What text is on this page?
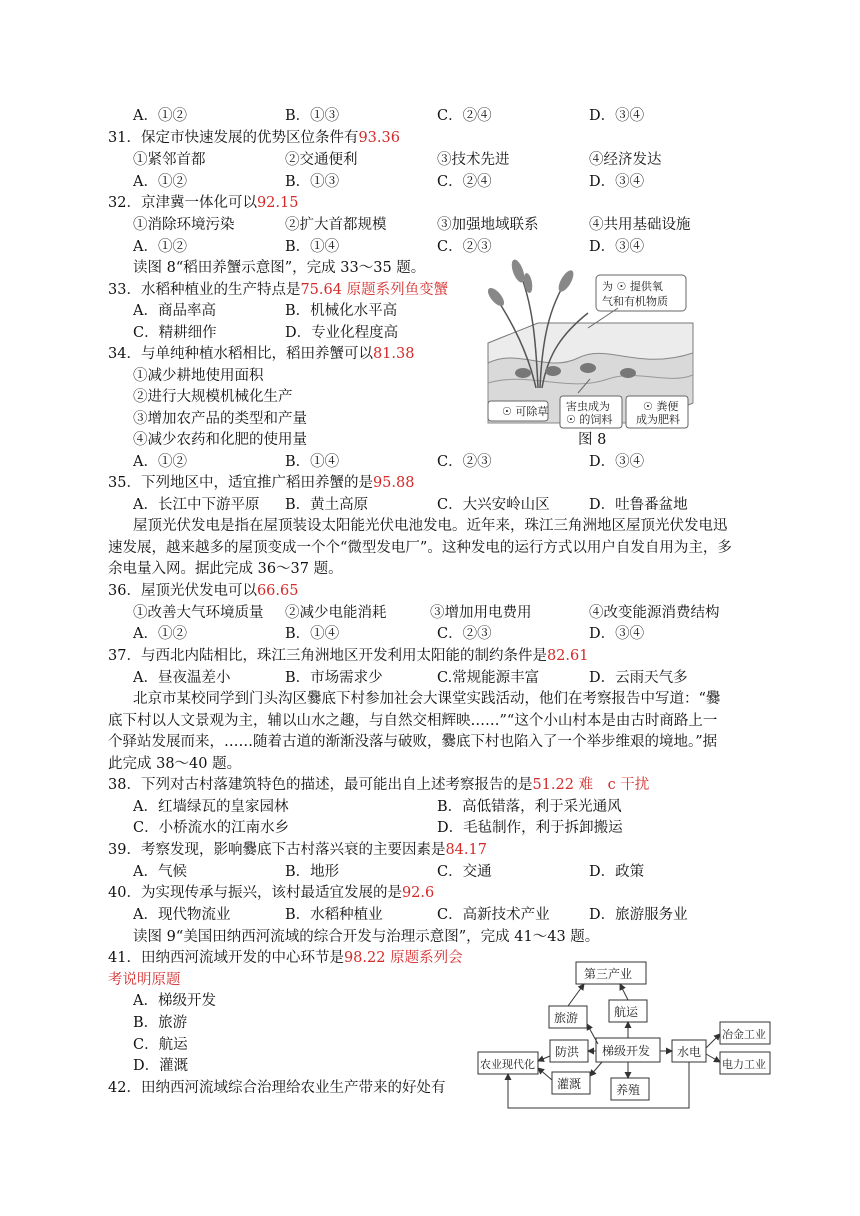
A．①②	B．①③	C．②④	D．③④
31．保定市快速发展的优势区位条件有93.36
①紧邻首都	②交通便利	③技术先进	④经济发达
A．①②	B．①③	C．②④	D．③④
32．京津冀一体化可以92.15
①消除环境污染	②扩大首都规模	③加强地域联系	④共用基础设施
A．①②	B．①④	C．②③	D．③④
读图 8“稻田养蟹示意图”，完成 33～35 题。
33．水稻种植业的生产特点是75.64 原题系列鱼变蟹
A．商品率高	B．机械化水平高
C．精耕细作	D．专业化程度高
34．与单纯种植水稻相比，稻田养蟹可以81.38
①减少耕地使用面积
②进行大规模机械化生产
③增加农产品的类型和产量
④减少农药和化肥的使用量
A．①②	B．①④	C．②③	D．③④
为 ☉ 提供氧
气和有机物质
☉ 可除草 害虫成为
☉ 的饲料
☉ 粪便
成为肥料
图 8
35．下列地区中，适宜推广稻田养蟹的是95.88
A．长江中下游平原 B．黄土高原	C．大兴安岭山区	D．吐鲁番盆地
屋顶光伏发电是指在屋顶装设太阳能光伏电池发电。近年来，珠江三角洲地区屋顶光伏发电迅
速发展，越来越多的屋顶变成一个个“微型发电厂”。这种发电的运行方式以用户自发自用为主，多
余电量入网。据此完成 36～37 题。
36．屋顶光伏发电可以66.65
①改善大气环境质量 ②减少电能消耗	③增加用电费用	④改变能源消费结构
A．①②	B．①④	C．②③	D．③④
37．与西北内陆相比，珠江三角洲地区开发利用太阳能的制约条件是82.61
A．昼夜温差小	B．市场需求少	C.常规能源丰富	D．云雨天气多
北京市某校同学到门头沟区爨底下村参加社会大课堂实践活动，他们在考察报告中写道：“爨
底下村以人文景观为主，辅以山水之趣，与自然交相辉映……”“这个小山村本是由古时商路上一
个驿站发展而来，……随着古道的渐渐没落与破败，爨底下村也陷入了一个举步维艰的境地。”据
此完成 38～40 题。
38．下列对古村落建筑特色的描述，最可能出自上述考察报告的是51.22 难　c 干扰
A．红墙绿瓦的皇家园林	B．高低错落，利于采光通风
C．小桥流水的江南水乡	D．毛毡制作，利于拆卸搬运
39．考察发现，影响爨底下古村落兴衰的主要因素是84.17
A．气候	B．地形	C．交通	D．政策
40．为实现传承与振兴，该村最适宜发展的是92.6
A．现代物流业	B．水稻种植业	C．高新技术产业	D．旅游服务业
读图 9“美国田纳西河流域的综合开发与治理示意图”，完成 41～43 题。
41．田纳西河流域开发的中心环节是98.22 原题系列会
考说明原题
A．梯级开发
B．旅游
C．航运
D．灌溉
42．田纳西河流域综合治理给农业生产带来的好处有
第三产业
旅游	航运
防洪 梯级开发 水电
冶金工业
电力工业
农业现代化
灌溉	养殖
